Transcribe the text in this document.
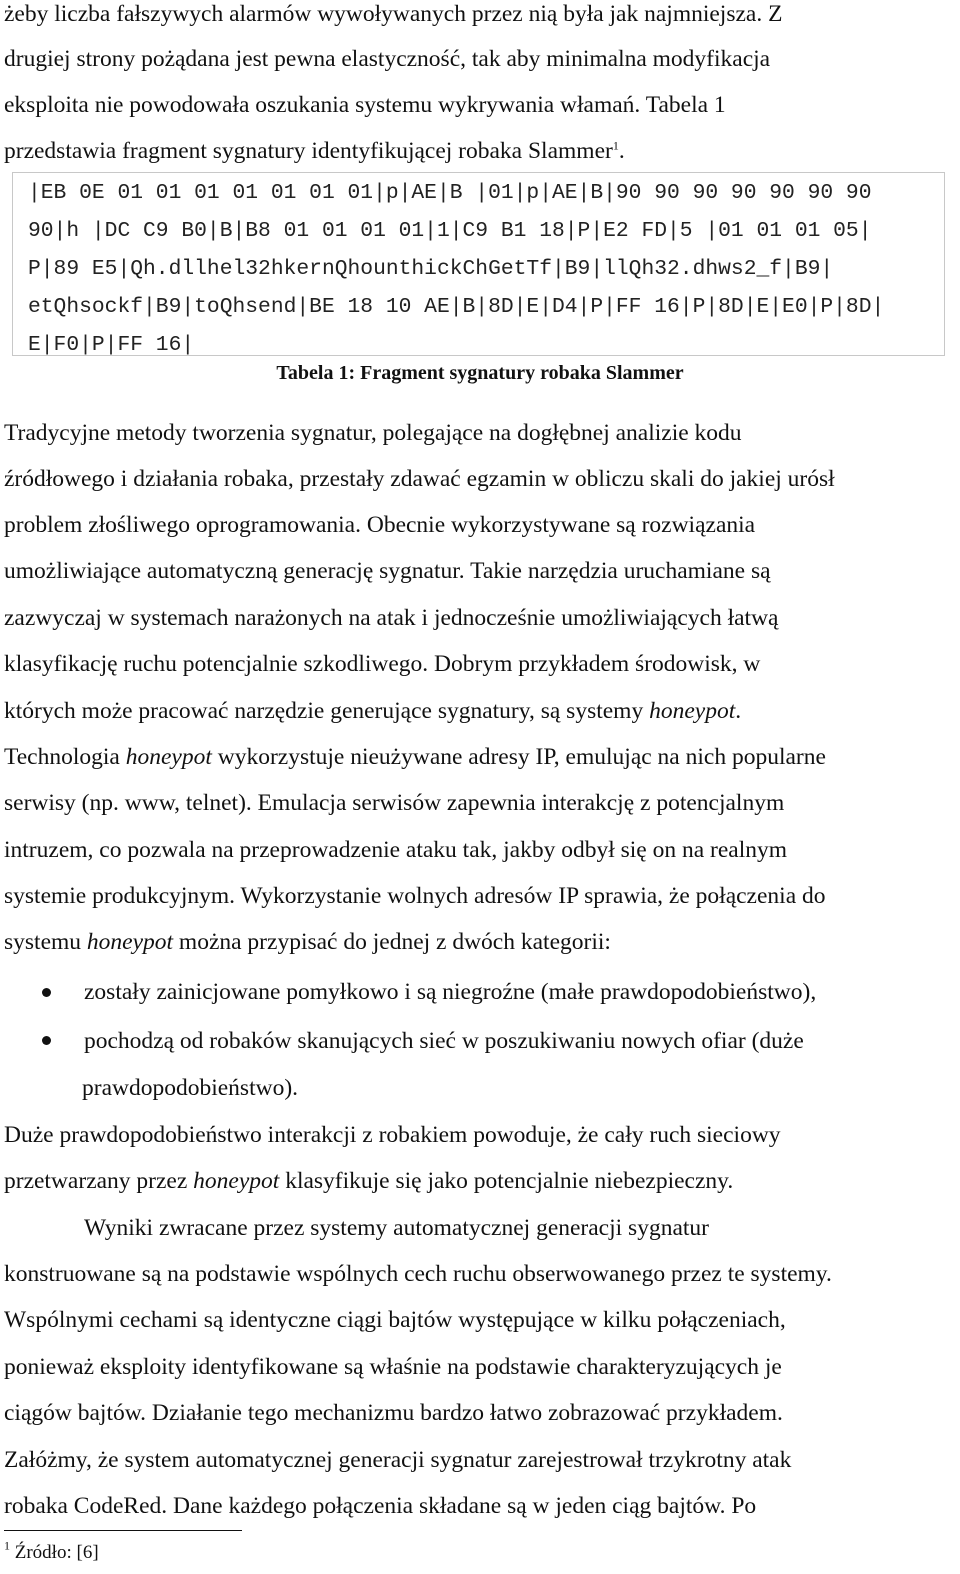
żeby liczba fałszywych alarmów wywoływanych przez nią była jak najmniejsza. Z
drugiej strony pożądana jest pewna elastyczność, tak aby minimalna modyfikacja
eksploita nie powodowała oszukania systemu wykrywania włamań. Tabela 1
przedstawia fragment sygnatury identyfikującej robaka Slammer$^1$.
|EB 0E 01 01 01 01 01 01 01|p|AE|B |01|p|AE|B|90 90 90 90 90 90 90
90|h |DC C9 B0|B|B8 01 01 01 01|1|C9 B1 18|P|E2 FD|5 |01 01 01 05|
P|89 E5|Qh.dllhel32hkernQhounthickChGetTf|B9|llQh32.dhws2_f|B9|
etQhsockf|B9|toQhsend|BE 18 10 AE|B|8D|E|D4|P|FF 16|P|8D|E|E0|P|8D|
E|F0|P|FF 16|
Tabela 1: Fragment sygnatury robaka Slammer
Tradycyjne metody tworzenia sygnatur, polegające na dogłębnej analizie kodu
źródłowego i działania robaka, przestały zdawać egzamin w obliczu skali do jakiej urósł
problem złośliwego oprogramowania. Obecnie wykorzystywane są rozwiązania
umożliwiające automatyczną generację sygnatur. Takie narzędzia uruchamiane są
zazwyczaj w systemach narażonych na atak i jednocześnie umożliwiających łatwą
klasyfikację ruchu potencjalnie szkodliwego. Dobrym przykładem środowisk, w
których może pracować narzędzie generujące sygnatury, są systemy honeypot.
Technologia honeypot wykorzystuje nieużywane adresy IP, emulując na nich popularne
serwisy (np. www, telnet). Emulacja serwisów zapewnia interakcję z potencjalnym
intruzem, co pozwala na przeprowadzenie ataku tak, jakby odbył się on na realnym
systemie produkcyjnym. Wykorzystanie wolnych adresów IP sprawia, że połączenia do
systemu honeypot można przypisać do jednej z dwóch kategorii:
zostały zainicjowane pomyłkowo i są niegroźne (małe prawdopodobieństwo),
pochodzą od robaków skanujących sieć w poszukiwaniu nowych ofiar (duże
prawdopodobieństwo).
Duże prawdopodobieństwo interakcji z robakiem powoduje, że cały ruch sieciowy
przetwarzany przez honeypot klasyfikuje się jako potencjalnie niebezpieczny.
Wyniki zwracane przez systemy automatycznej generacji sygnatur
konstruowane są na podstawie wspólnych cech ruchu obserwowanego przez te systemy.
Wspólnymi cechami są identyczne ciągi bajtów występujące w kilku połączeniach,
ponieważ eksploity identyfikowane są właśnie na podstawie charakteryzujących je
ciągów bajtów. Działanie tego mechanizmu bardzo łatwo zobrazować przykładem.
Załóżmy, że system automatycznej generacji sygnatur zarejestrował trzykrotny atak
robaka CodeRed. Dane każdego połączenia składane są w jeden ciąg bajtów. Po
$^1$ Źródło: [6]
